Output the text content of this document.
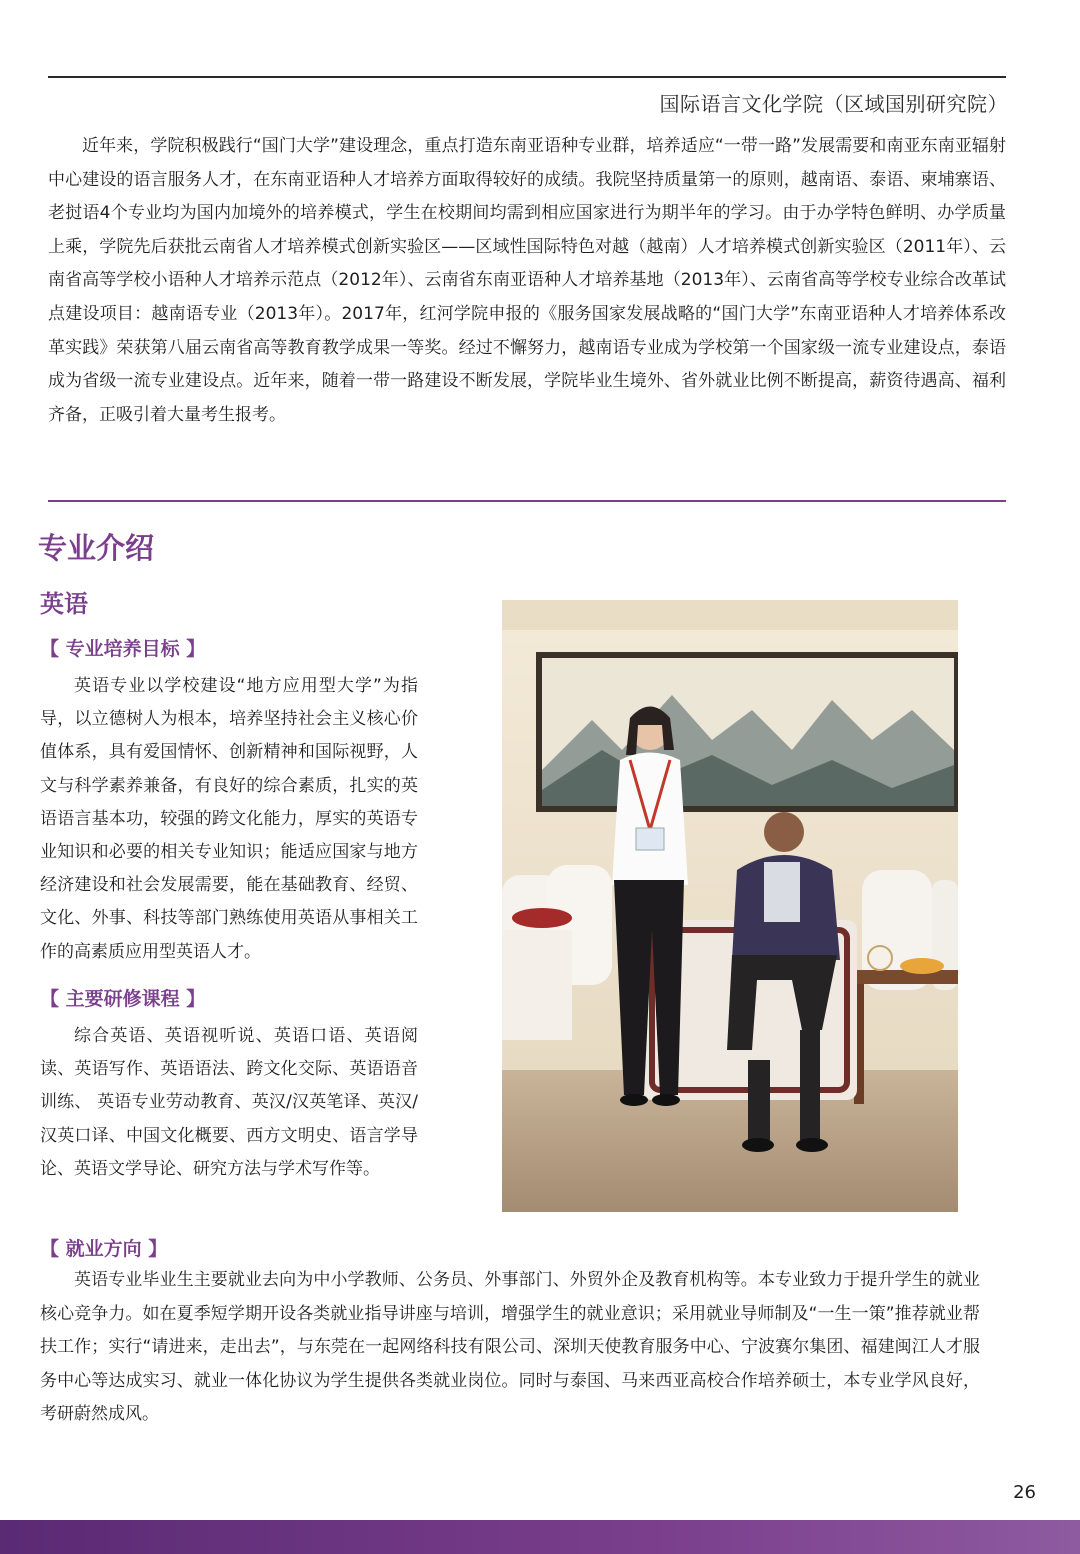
国际语言文化学院（区域国别研究院）

近年来，学院积极践行“国门大学”建设理念，重点打造东南亚语种专业群，培养适应“一带一路”发展需要和南亚东南亚辐射中心建设的语言服务人才，在东南亚语种人才培养方面取得较好的成绩。我院坚持质量第一的原则，越南语、泰语、柬埔寨语、老挝语4个专业均为国内加境外的培养模式，学生在校期间均需到相应国家进行为期半年的学习。由于办学特色鲜明、办学质量上乘，学院先后获批云南省人才培养模式创新实验区——区域性国际特色对越（越南）人才培养模式创新实验区（2011年）、云南省高等学校小语种人才培养示范点（2012年）、云南省东南亚语种人才培养基地（2013年）、云南省高等学校专业综合改革试点建设项目：越南语专业（2013年）。2017年，红河学院申报的《服务国家发展战略的“国门大学”东南亚语种人才培养体系改革实践》荣获第八届云南省高等教育教学成果一等奖。经过不懈努力，越南语专业成为学校第一个国家级一流专业建设点，泰语成为省级一流专业建设点。近年来，随着一带一路建设不断发展，学院毕业生境外、省外就业比例不断提高，薪资待遇高、福利齐备，正吸引着大量考生报考。

专业介绍
英语
【 专业培养目标 】

英语专业以学校建设“地方应用型大学”为指导，以立德树人为根本，培养坚持社会主义核心价值体系，具有爱国情怀、创新精神和国际视野，人文与科学素养兼备，有良好的综合素质，扎实的英语语言基本功，较强的跨文化能力，厚实的英语专业知识和必要的相关专业知识；能适应国家与地方经济建设和社会发展需要，能在基础教育、经贸、文化、外事、科技等部门熟练使用英语从事相关工作的高素质应用型英语人才。

【 主要研修课程 】

综合英语、英语视听说、英语口语、英语阅读、英语写作、英语语法、跨文化交际、英语语音训练、 英语专业劳动教育、英汉/汉英笔译、英汉/汉英口译、中国文化概要、西方文明史、语言学导论、英语文学导论、研究方法与学术写作等。

【 就业方向 】

英语专业毕业生主要就业去向为中小学教师、公务员、外事部门、外贸外企及教育机构等。本专业致力于提升学生的就业核心竞争力。如在夏季短学期开设各类就业指导讲座与培训，增强学生的就业意识；采用就业导师制及“一生一策”推荐就业帮扶工作；实行“请进来，走出去”，与东莞在一起网络科技有限公司、深圳天使教育服务中心、宁波赛尔集团、福建闽江人才服务中心等达成实习、就业一体化协议为学生提供各类就业岗位。同时与泰国、马来西亚高校合作培养硕士，本专业学风良好，考研蔚然成风。

26
